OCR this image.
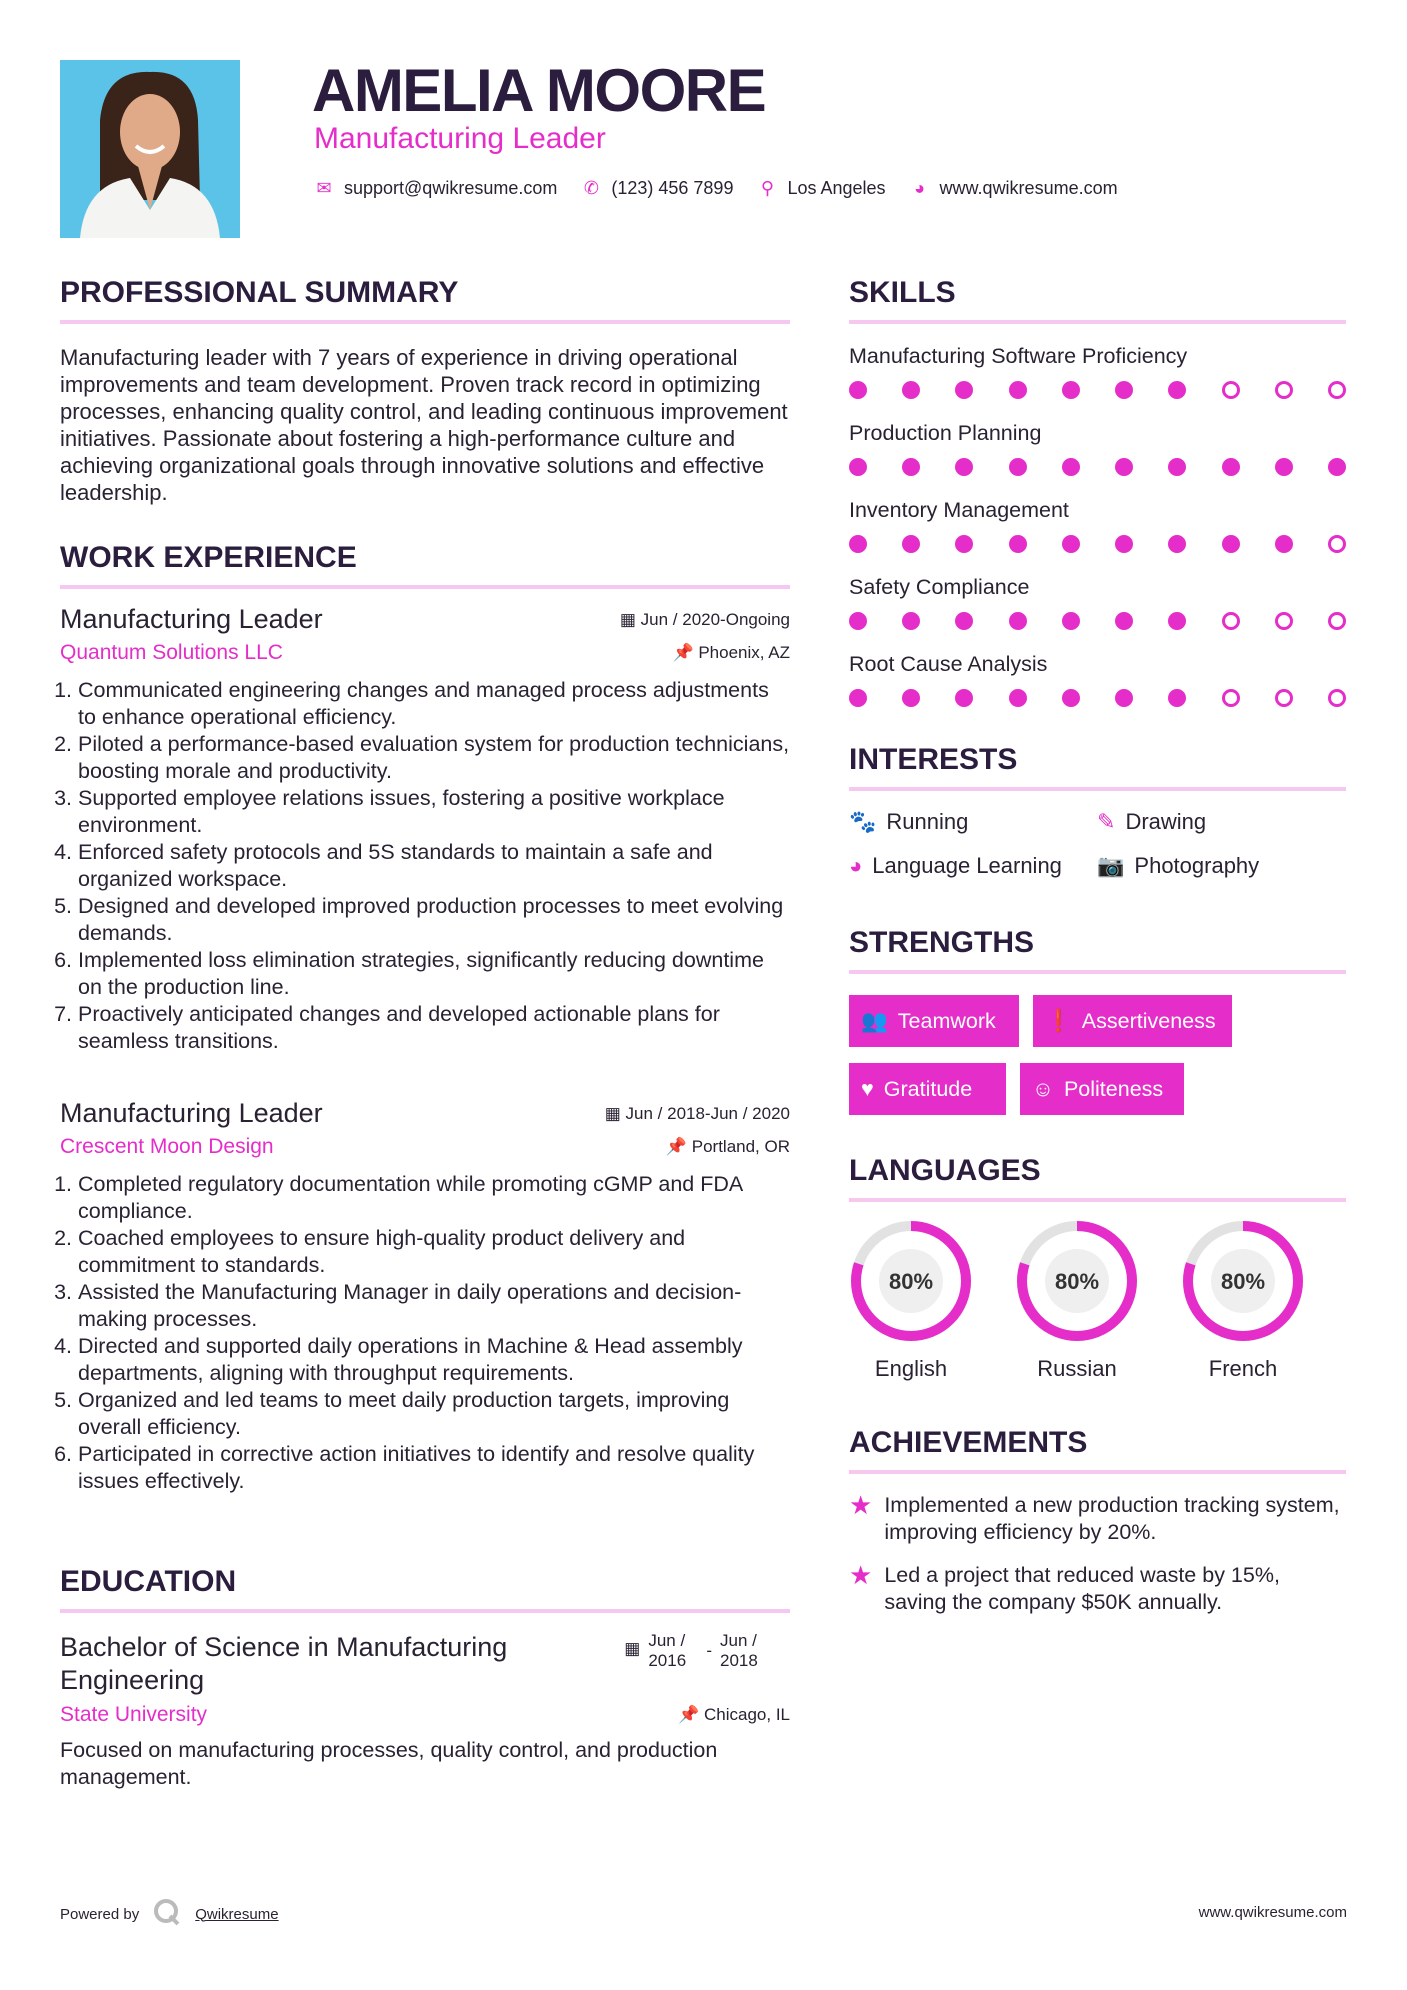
AMELIA MOORE
Manufacturing Leader
✉ support@qwikresume.com ✆ (123) 456 7899 ⚲ Los Angeles ◕ www.qwikresume.com
PROFESSIONAL SUMMARY
Manufacturing leader with 7 years of experience in driving operational improvements and team development. Proven track record in optimizing processes, enhancing quality control, and leading continuous improvement initiatives. Passionate about fostering a high-performance culture and achieving organizational goals through innovative solutions and effective leadership.
WORK EXPERIENCE
Manufacturing Leader	▦ Jun / 2020-Ongoing
Quantum Solutions LLC	📌 Phoenix, AZ
1. Communicated engineering changes and managed process adjustments to enhance operational efficiency.
2. Piloted a performance-based evaluation system for production technicians, boosting morale and productivity.
3. Supported employee relations issues, fostering a positive workplace environment.
4. Enforced safety protocols and 5S standards to maintain a safe and organized workspace.
5. Designed and developed improved production processes to meet evolving demands.
6. Implemented loss elimination strategies, significantly reducing downtime on the production line.
7. Proactively anticipated changes and developed actionable plans for seamless transitions.
Manufacturing Leader	▦ Jun / 2018-Jun / 2020
Crescent Moon Design	📌 Portland, OR
1. Completed regulatory documentation while promoting cGMP and FDA compliance.
2. Coached employees to ensure high-quality product delivery and commitment to standards.
3. Assisted the Manufacturing Manager in daily operations and decision-making processes.
4. Directed and supported daily operations in Machine & Head assembly departments, aligning with throughput requirements.
5. Organized and led teams to meet daily production targets, improving overall efficiency.
6. Participated in corrective action initiatives to identify and resolve quality issues effectively.
EDUCATION
Bachelor of Science in Manufacturing Engineering
▦ Jun / 2016
-
Jun / 2018
State University	📌 Chicago, IL
Focused on manufacturing processes, quality control, and production management.
SKILLS
Manufacturing Software Proficiency
Production Planning
Inventory Management
Safety Compliance
Root Cause Analysis
INTERESTS
🐾 Running	✎ Drawing
◕ Language Learning 📷 Photography
STRENGTHS
👥 Teamwork ❗ Assertiveness
♥ Gratitude	☺ Politeness
LANGUAGES
80%
English
80%
Russian
80%
French
ACHIEVEMENTS
★ Implemented a new production tracking system, improving efficiency by 20%.
★ Led a project that reduced waste by 15%, saving the company $50K annually.
Powered by	Qwikresume	www.qwikresume.com
